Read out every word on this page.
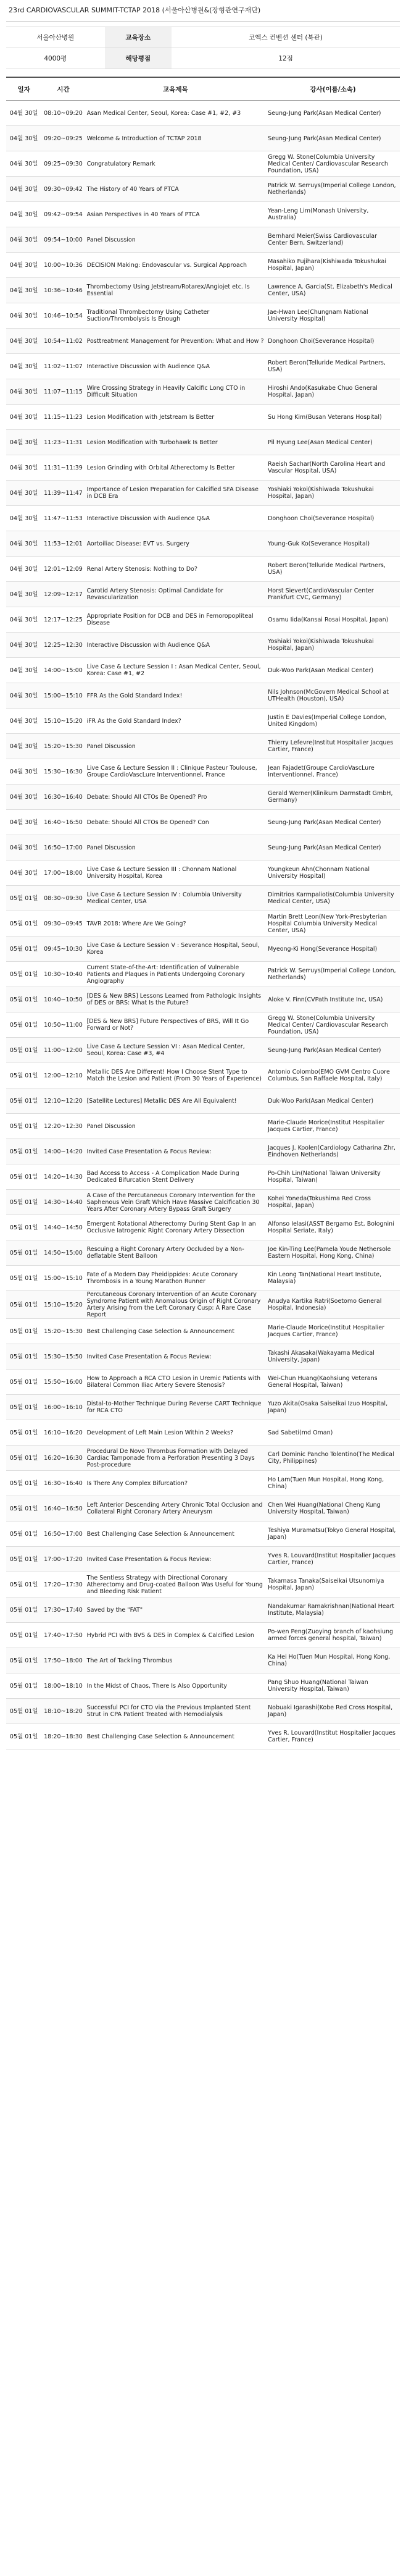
23rd CARDIOVASCULAR SUMMIT-TCTAP 2018 (서울아산병원&(장형관연구재단)
서울아산병원	교육장소	코엑스 컨벤션 센터 (북관)
4000평	해당평점	12점
일자	시간	교육제목	강사(이름/소속)
04월 30일	08:10~09:20	Asan Medical Center, Seoul, Korea: Case #1, #2, #3	Seung-Jung Park(Asan Medical Center)
04월 30일	09:20~09:25	Welcome & Introduction of TCTAP 2018	Seung-Jung Park(Asan Medical Center)
04월 30일	09:25~09:30	Congratulatory Remark	Gregg W. Stone(Columbia University Medical Center/ Cardiovascular Research Foundation, USA)
04월 30일	09:30~09:42	The History of 40 Years of PTCA	Patrick W. Serruys(Imperial College London, Netherlands)
04월 30일	09:42~09:54	Asian Perspectives in 40 Years of PTCA	Yean-Leng Lim(Monash University, Australia)
04월 30일	09:54~10:00	Panel Discussion	Bernhard Meier(Swiss Cardiovascular Center Bern, Switzerland)
04월 30일	10:00~10:36	DECISION Making: Endovascular vs. Surgical Approach	Masahiko Fujihara(Kishiwada Tokushukai Hospital, Japan)
04월 30일	10:36~10:46	Thrombectomy Using Jetstream/Rotarex/Angiojet etc. Is Essential	Lawrence A. Garcia(St. Elizabeth's Medical Center, USA)
04월 30일	10:46~10:54	Traditional Thrombectomy Using Catheter Suction/Thrombolysis Is Enough	Jae-Hwan Lee(Chungnam National University Hospital)
04월 30일	10:54~11:02	Posttreatment Management for Prevention: What and How ?	Donghoon Choi(Severance Hospital)
04월 30일	11:02~11:07	Interactive Discussion with Audience Q&A	Robert Beron(Telluride Medical Partners, USA)
04월 30일	11:07~11:15	Wire Crossing Strategy in Heavily Calcific Long CTO in Difficult Situation	Hiroshi Ando(Kasukabe Chuo General Hospital, Japan)
04월 30일	11:15~11:23	Lesion Modification with Jetstream Is Better	Su Hong Kim(Busan Veterans Hospital)
04월 30일	11:23~11:31	Lesion Modification with Turbohawk Is Better	Pil Hyung Lee(Asan Medical Center)
04월 30일	11:31~11:39	Lesion Grinding with Orbital Atherectomy Is Better	Raeish Sachar(North Carolina Heart and Vascular Hospital, USA)
04월 30일	11:39~11:47	Importance of Lesion Preparation for Calcified SFA Disease in DCB Era	Yoshiaki Yokoi(Kishiwada Tokushukai Hospital, Japan)
04월 30일	11:47~11:53	Interactive Discussion with Audience Q&A	Donghoon Choi(Severance Hospital)
04월 30일	11:53~12:01	Aortoiliac Disease: EVT vs. Surgery	Young-Guk Ko(Severance Hospital)
04월 30일	12:01~12:09	Renal Artery Stenosis: Nothing to Do?	Robert Beron(Telluride Medical Partners, USA)
04월 30일	12:09~12:17	Carotid Artery Stenosis: Optimal Candidate for Revascularization	Horst Sievert(CardioVascular Center Frankfurt CVC, Germany)
04월 30일	12:17~12:25	Appropriate Position for DCB and DES in Femoropopliteal Disease	Osamu Iida(Kansai Rosai Hospital, Japan)
04월 30일	12:25~12:30	Interactive Discussion with Audience Q&A	Yoshiaki Yokoi(Kishiwada Tokushukai Hospital, Japan)
04월 30일	14:00~15:00	Live Case & Lecture Session I : Asan Medical Center, Seoul, Korea: Case #1, #2	Duk-Woo Park(Asan Medical Center)
04월 30일	15:00~15:10	FFR As the Gold Standard Index!	Nils Johnson(McGovern Medical School at UTHealth (Houston), USA)
04월 30일	15:10~15:20	iFR As the Gold Standard Index?	Justin E Davies(Imperial College London, United Kingdom)
04월 30일	15:20~15:30	Panel Discussion	Thierry Lefevre(Institut Hospitalier Jacques Cartier, France)
04월 30일	15:30~16:30	Live Case & Lecture Session II : Clinique Pasteur Toulouse, Groupe CardioVascLure Interventionnel, France	Jean Fajadet(Groupe CardioVascLure Interventionnel, France)
04월 30일	16:30~16:40	Debate: Should All CTOs Be Opened? Pro	Gerald Werner(Klinikum Darmstadt GmbH, Germany)
04월 30일	16:40~16:50	Debate: Should All CTOs Be Opened? Con	Seung-Jung Park(Asan Medical Center)
04월 30일	16:50~17:00	Panel Discussion	Seung-Jung Park(Asan Medical Center)
04월 30일	17:00~18:00	Live Case & Lecture Session III : Chonnam National University Hospital, Korea	Youngkeun Ahn(Chonnam National University Hospital)
05월 01일	08:30~09:30	Live Case & Lecture Session IV : Columbia University Medical Center, USA	Dimitrios Karmpaliotis(Columbia University Medical Center, USA)
05월 01일	09:30~09:45	TAVR 2018: Where Are We Going?	Martin Brett Leon(New York-Presbyterian Hospital Columbia University Medical Center, USA)
05월 01일	09:45~10:30	Live Case & Lecture Session V : Severance Hospital, Seoul, Korea	Myeong-Ki Hong(Severance Hospital)
05월 01일	10:30~10:40	Current State-of-the-Art: Identification of Vulnerable Patients and Plaques in Patients Undergoing Coronary Angiography	Patrick W. Serruys(Imperial College London, Netherlands)
05월 01일	10:40~10:50	[DES & New BRS] Lessons Learned from Pathologic Insights of DES or BRS: What Is the Future?	Aloke V. Finn(CVPath Institute Inc, USA)
05월 01일	10:50~11:00	[DES & New BRS] Future Perspectives of BRS, Will It Go Forward or Not?	Gregg W. Stone(Columbia University Medical Center/ Cardiovascular Research Foundation, USA)
05월 01일	11:00~12:00	Live Case & Lecture Session VI : Asan Medical Center, Seoul, Korea: Case #3, #4	Seung-Jung Park(Asan Medical Center)
05월 01일	12:00~12:10	Metallic DES Are Different! How I Choose Stent Type to Match the Lesion and Patient (From 30 Years of Experience)	Antonio Colombo(EMO GVM Centro Cuore Columbus, San Raffaele Hospital, Italy)
05월 01일	12:10~12:20	[Satellite Lectures] Metallic DES Are All Equivalent!	Duk-Woo Park(Asan Medical Center)
05월 01일	12:20~12:30	Panel Discussion	Marie-Claude Morice(Institut Hospitalier Jacques Cartier, France)
05월 01일	14:00~14:20	Invited Case Presentation & Focus Review:	Jacques J. Koolen(Cardiology Catharina Zhr, Eindhoven Netherlands)
05월 01일	14:20~14:30	Bad Access to Access - A Complication Made During Dedicated Bifurcation Stent Delivery	Po-Chih Lin(National Taiwan University Hospital, Taiwan)
05월 01일	14:30~14:40	A Case of the Percutaneous Coronary Intervention for the Saphenous Vein Graft Which Have Massive Calcification 30 Years After Coronary Artery Bypass Graft Surgery	Kohei Yoneda(Tokushima Red Cross Hospital, Japan)
05월 01일	14:40~14:50	Emergent Rotational Atherectomy During Stent Gap In an Occlusive Iatrogenic Right Coronary Artery Dissection	Alfonso Ielasi(ASST Bergamo Est, Bolognini Hospital Seriate, Italy)
05월 01일	14:50~15:00	Rescuing a Right Coronary Artery Occluded by a Non-deflatable Stent Balloon	Joe Kin-Ting Lee(Pamela Youde Nethersole Eastern Hospital, Hong Kong, China)
05월 01일	15:00~15:10	Fate of a Modern Day Pheidippides: Acute Coronary Thrombosis in a Young Marathon Runner	Kin Leong Tan(National Heart Institute, Malaysia)
05월 01일	15:10~15:20	Percutaneous Coronary Intervention of an Acute Coronary Syndrome Patient with Anomalous Origin of Right Coronary Artery Arising from the Left Coronary Cusp: A Rare Case Report	Anudya Kartika Ratri(Soetomo General Hospital, Indonesia)
05월 01일	15:20~15:30	Best Challenging Case Selection & Announcement	Marie-Claude Morice(Institut Hospitalier Jacques Cartier, France)
05월 01일	15:30~15:50	Invited Case Presentation & Focus Review:	Takashi Akasaka(Wakayama Medical University, Japan)
05월 01일	15:50~16:00	How to Approach a RCA CTO Lesion in Uremic Patients with Bilateral Common Iliac Artery Severe Stenosis?	Wei-Chun Huang(Kaohsiung Veterans General Hospital, Taiwan)
05월 01일	16:00~16:10	Distal-to-Mother Technique During Reverse CART Technique for RCA CTO	Yuzo Akita(Osaka Saiseikai Izuo Hospital, Japan)
05월 01일	16:10~16:20	Development of Left Main Lesion Within 2 Weeks?	Sad Sabeti(md Oman)
05월 01일	16:20~16:30	Procedural De Novo Thrombus Formation with Delayed Cardiac Tamponade from a Perforation Presenting 3 Days Post-procedure	Carl Dominic Pancho Tolentino(The Medical City, Philippines)
05월 01일	16:30~16:40	Is There Any Complex Bifurcation?	Ho Lam(Tuen Mun Hospital, Hong Kong, China)
05월 01일	16:40~16:50	Left Anterior Descending Artery Chronic Total Occlusion and Collateral Right Coronary Artery Aneurysm	Chen Wei Huang(National Cheng Kung University Hospital, Taiwan)
05월 01일	16:50~17:00	Best Challenging Case Selection & Announcement	Teshiya Muramatsu(Tokyo General Hospital, Japan)
05월 01일	17:00~17:20	Invited Case Presentation & Focus Review:	Yves R. Louvard(Institut Hospitalier Jacques Cartier, France)
05월 01일	17:20~17:30	The Sentless Strategy with Directional Coronary Atherectomy and Drug-coated Balloon Was Useful for Young and Bleeding Risk Patient	Takamasa Tanaka(Saiseikai Utsunomiya Hospital, Japan)
05월 01일	17:30~17:40	Saved by the "FAT"	Nandakumar Ramakrishnan(National Heart Institute, Malaysia)
05월 01일	17:40~17:50	Hybrid PCI with BVS & DES in Complex & Calcified Lesion	Po-wen Peng(Zuoying branch of kaohsiung armed forces general hospital, Taiwan)
05월 01일	17:50~18:00	The Art of Tackling Thrombus	Ka Hei Ho(Tuen Mun Hospital, Hong Kong, China)
05월 01일	18:00~18:10	In the Midst of Chaos, There Is Also Opportunity	Pang Shuo Huang(National Taiwan University Hospital, Taiwan)
05월 01일	18:10~18:20	Successful PCI for CTO via the Previous Implanted Stent Strut in CPA Patient Treated with Hemodialysis	Nobuaki Igarashi(Kobe Red Cross Hospital, Japan)
05월 01일	18:20~18:30	Best Challenging Case Selection & Announcement	Yves R. Louvard(Institut Hospitalier Jacques Cartier, France)
